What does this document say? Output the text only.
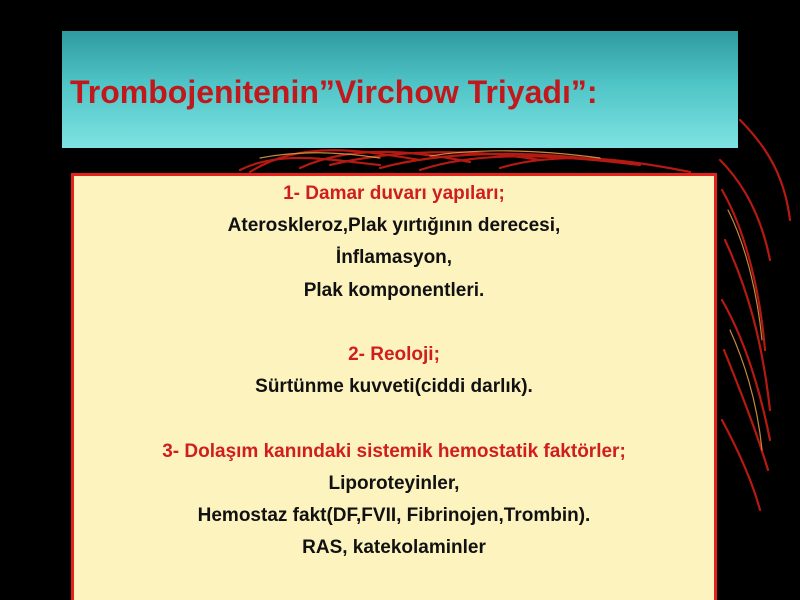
Trombojenitenin”Virchow Triyadı”:
1- Damar duvarı yapıları;
Ateroskleroz,Plak yırtığının derecesi,
İnflamasyon,
Plak komponentleri.
2- Reoloji;
Sürtünme kuvveti(ciddi darlık).
3- Dolaşım kanındaki sistemik hemostatik faktörler;
Liporoteyinler,
Hemostaz fakt(DF,FVII, Fibrinojen,Trombin).
RAS, katekolaminler
